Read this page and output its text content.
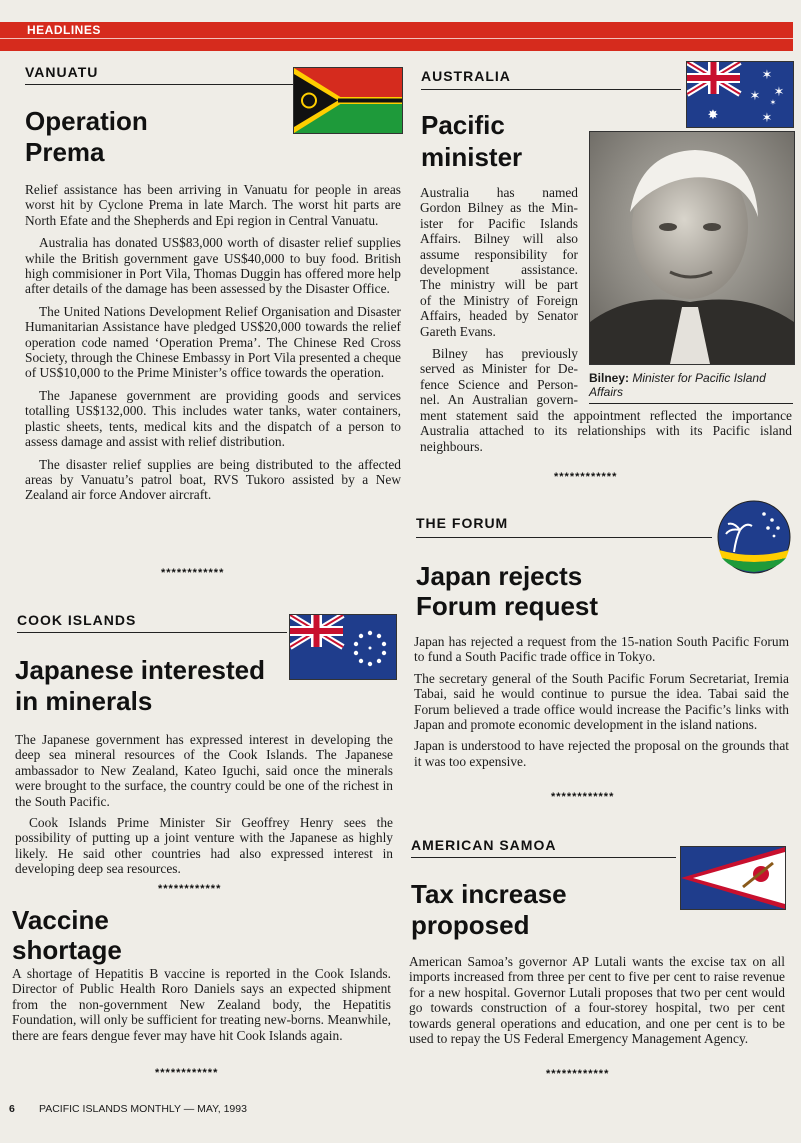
HEADLINES
VANUATU
Operation
Prema

Relief assistance has been arriving in Vanuatu for people in areas worst hit by Cyclone Prema in late March. The worst hit parts are North Efate and the Shepherds and Epi region in Central Vanuatu.

Australia has donated US$83,000 worth of disaster relief supplies while the British government gave US$40,000 to buy food. British high commisioner in Port Vila, Thomas Duggin has offered more help after details of the damage has been assessed by the Disaster Office.

The United Nations Development Relief Organisation and Disaster Humanitarian Assistance have pledged US$20,000 towards the relief operation code named ‘Operation Prema’. The Chinese Red Cross Society, through the Chinese Embassy in Port Vila presented a cheque of US$10,000 to the Prime Minister’s office towards the operation.

The Japanese government are providing goods and services totalling US$132,000. This includes water tanks, water containers, plastic sheets, tents, medical kits and the dispatch of a person to assess damage and assist with relief distribution.

The disaster relief supplies are being distributed to the affected areas by Vanuatu’s patrol boat, RVS Tukoro assisted by a New Zealand air force Andover aircraft.

************
COOK ISLANDS
Japanese interested
in minerals

The Japanese government has expressed interest in developing the deep sea mineral resources of the Cook Islands. The Japanese ambassador to New Zealand, Kateo Iguchi, said once the minerals were brought to the surface, the country could be one of the richest in the South Pacific.

Cook Islands Prime Minister Sir Geoffrey Henry sees the possibility of putting up a joint venture with the Japanese as highly likely. He said other countries had also expressed interest in developing deep sea resources.

************
Vaccine
shortage

A shortage of Hepatitis B vaccine is reported in the Cook Islands. Director of Public Health Roro Daniels says an expected shipment from the non-government New Zealand body, the Hepatitis Foundation, will only be sufficient for treating new-borns. Meanwhile, there are fears dengue fever may have hit Cook Islands again.

************
AUSTRALIA
✸
✶
✶ ✶
✶
✶
Pacific
minister
Australia has named
Gordon Bilney as the Min-
ister for Pacific Islands
Affairs. Bilney will also
assume responsibility for
development assistance.
The ministry will be part
of the Ministry of Foreign
Affairs, headed by Senator
Gareth Evans.
Bilney has previously
served as Minister for De-
fence Science and Person-
nel. An Australian govern-
Bilney: Minister for Pacific Island
Affairs

ment statement said the appointment reflected the importance Australia attached to its relationships with its Pacific island neighbours.

************
THE FORUM
Japan rejects
Forum request

Japan has rejected a request from the 15-nation South Pacific Forum to fund a South Pacific trade office in Tokyo.

The secretary general of the South Pacific Forum Secretariat, Iremia Tabai, said he would continue to pursue the idea. Tabai said the Forum believed a trade office would increase the Pacific’s links with Japan and promote economic development in the island nations.

Japan is understood to have rejected the proposal on the grounds that it was too expensive.

************
AMERICAN SAMOA
Tax increase
proposed

American Samoa’s governor AP Lutali wants the excise tax on all imports increased from three per cent to five per cent to raise revenue for a new hospital. Governor Lutali proposes that two per cent would go towards construction of a four-storey hospital, two per cent towards general operations and education, and one per cent is to be used to repay the US Federal Emergency Management Agency.

************
6 PACIFIC ISLANDS MONTHLY — MAY, 1993
